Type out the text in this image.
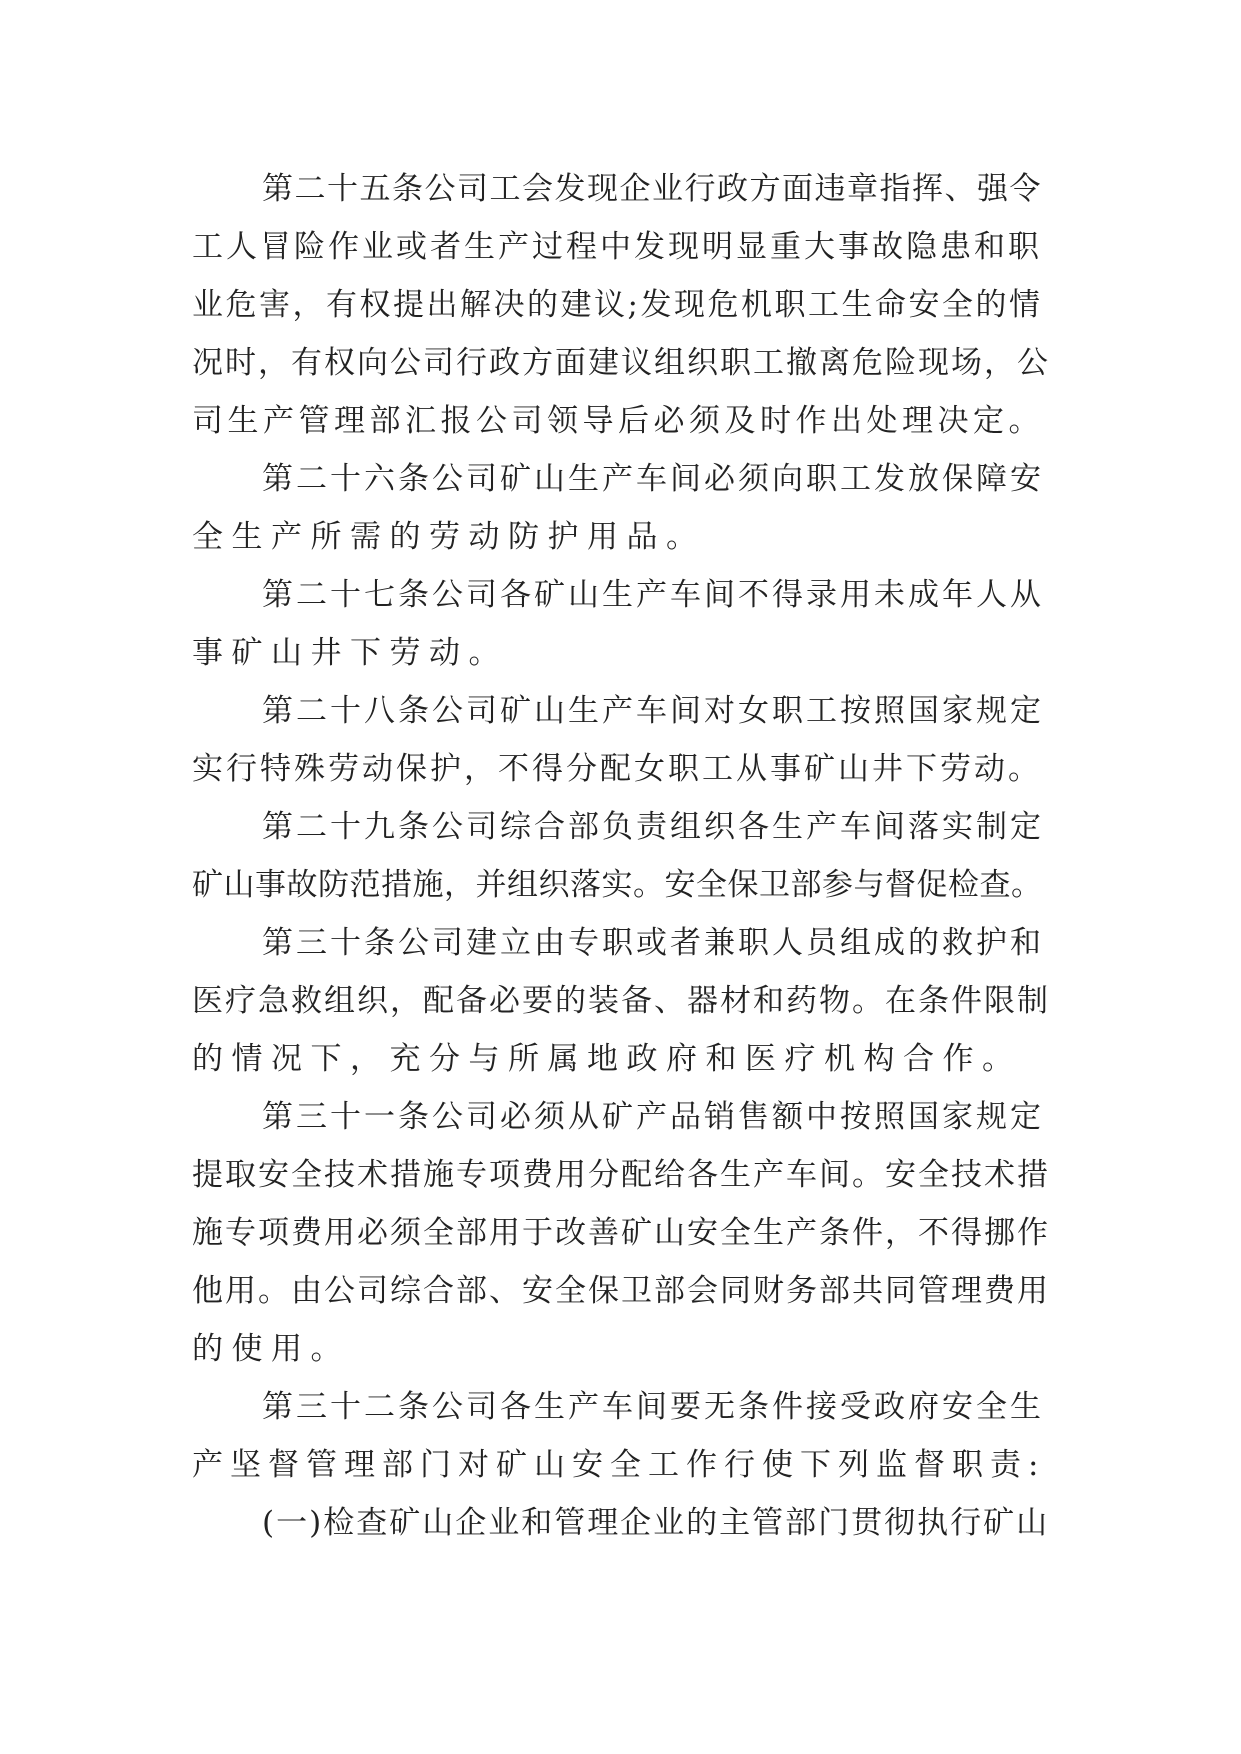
第二十五条公司工会发现企业行政方面违章指挥、强令
工人冒险作业或者生产过程中发现明显重大事故隐患和职
业危害，有权提出解决的建议;发现危机职工生命安全的情
况时，有权向公司行政方面建议组织职工撤离危险现场，公
司生产管理部汇报公司领导后必须及时作出处理决定。
第二十六条公司矿山生产车间必须向职工发放保障安
全生产所需的劳动防护用品。
第二十七条公司各矿山生产车间不得录用未成年人从
事矿山井下劳动。
第二十八条公司矿山生产车间对女职工按照国家规定
实行特殊劳动保护，不得分配女职工从事矿山井下劳动。
第二十九条公司综合部负责组织各生产车间落实制定
矿山事故防范措施，并组织落实。安全保卫部参与督促检查。
第三十条公司建立由专职或者兼职人员组成的救护和
医疗急救组织，配备必要的装备、器材和药物。在条件限制
的情况下，充分与所属地政府和医疗机构合作。
第三十一条公司必须从矿产品销售额中按照国家规定
提取安全技术措施专项费用分配给各生产车间。安全技术措
施专项费用必须全部用于改善矿山安全生产条件，不得挪作
他用。由公司综合部、安全保卫部会同财务部共同管理费用
的使用。
第三十二条公司各生产车间要无条件接受政府安全生
产坚督管理部门对矿山安全工作行使下列监督职责:
(一)检查矿山企业和管理企业的主管部门贯彻执行矿山
